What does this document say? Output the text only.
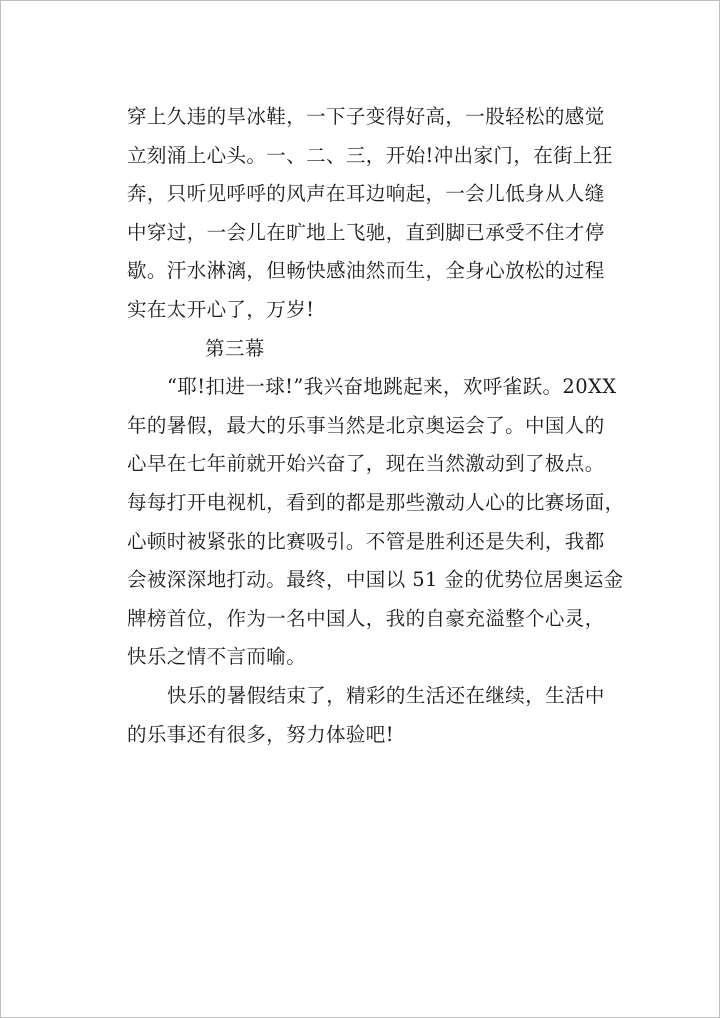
穿上久违的旱冰鞋，一下子变得好高，一股轻松的感觉
立刻涌上心头。一、二、三，开始!冲出家门，在街上狂
奔，只听见呼呼的风声在耳边响起，一会儿低身从人缝
中穿过，一会儿在旷地上飞驰，直到脚已承受不住才停
歇。汗水淋漓，但畅快感油然而生，全身心放松的过程
实在太开心了，万岁!
第三幕
“耶!扣进一球!”我兴奋地跳起来，欢呼雀跃。20XX
年的暑假，最大的乐事当然是北京奥运会了。中国人的
心早在七年前就开始兴奋了，现在当然激动到了极点。
每每打开电视机，看到的都是那些激动人心的比赛场面，
心顿时被紧张的比赛吸引。不管是胜利还是失利，我都
会被深深地打动。最终，中国以 51 金的优势位居奥运金
牌榜首位，作为一名中国人，我的自豪充溢整个心灵，
快乐之情不言而喻。
快乐的暑假结束了，精彩的生活还在继续，生活中
的乐事还有很多，努力体验吧!
